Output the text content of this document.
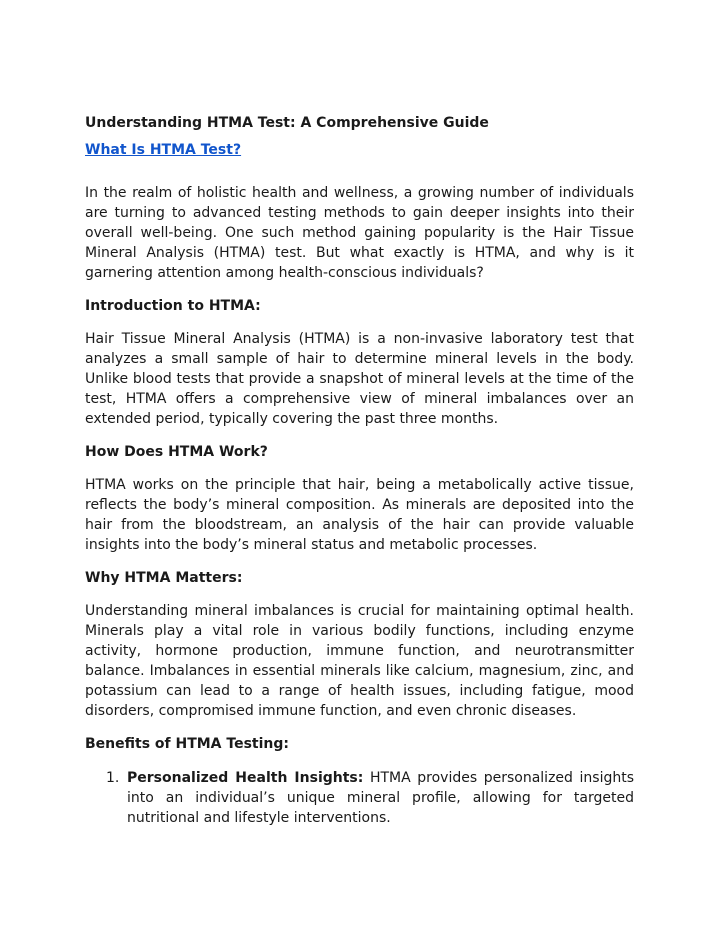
Understanding HTMA Test: A Comprehensive Guide
What Is HTMA Test?

In the realm of holistic health and wellness, a growing number of individuals are turning to advanced testing methods to gain deeper insights into their overall well-being. One such method gaining popularity is the Hair Tissue Mineral Analysis (HTMA) test. But what exactly is HTMA, and why is it garnering attention among health-conscious individuals?

Introduction to HTMA:

Hair Tissue Mineral Analysis (HTMA) is a non-invasive laboratory test that analyzes a small sample of hair to determine mineral levels in the body. Unlike blood tests that provide a snapshot of mineral levels at the time of the test, HTMA offers a comprehensive view of mineral imbalances over an extended period, typically covering the past three months.

How Does HTMA Work?

HTMA works on the principle that hair, being a metabolically active tissue, reflects the body’s mineral composition. As minerals are deposited into the hair from the bloodstream, an analysis of the hair can provide valuable insights into the body’s mineral status and metabolic processes.

Why HTMA Matters:

Understanding mineral imbalances is crucial for maintaining optimal health. Minerals play a vital role in various bodily functions, including enzyme activity, hormone production, immune function, and neurotransmitter balance. Imbalances in essential minerals like calcium, magnesium, zinc, and potassium can lead to a range of health issues, including fatigue, mood disorders, compromised immune function, and even chronic diseases.

Benefits of HTMA Testing:
1. Personalized Health Insights: HTMA provides personalized insights into an individual’s unique mineral profile, allowing for targeted nutritional and lifestyle interventions.
